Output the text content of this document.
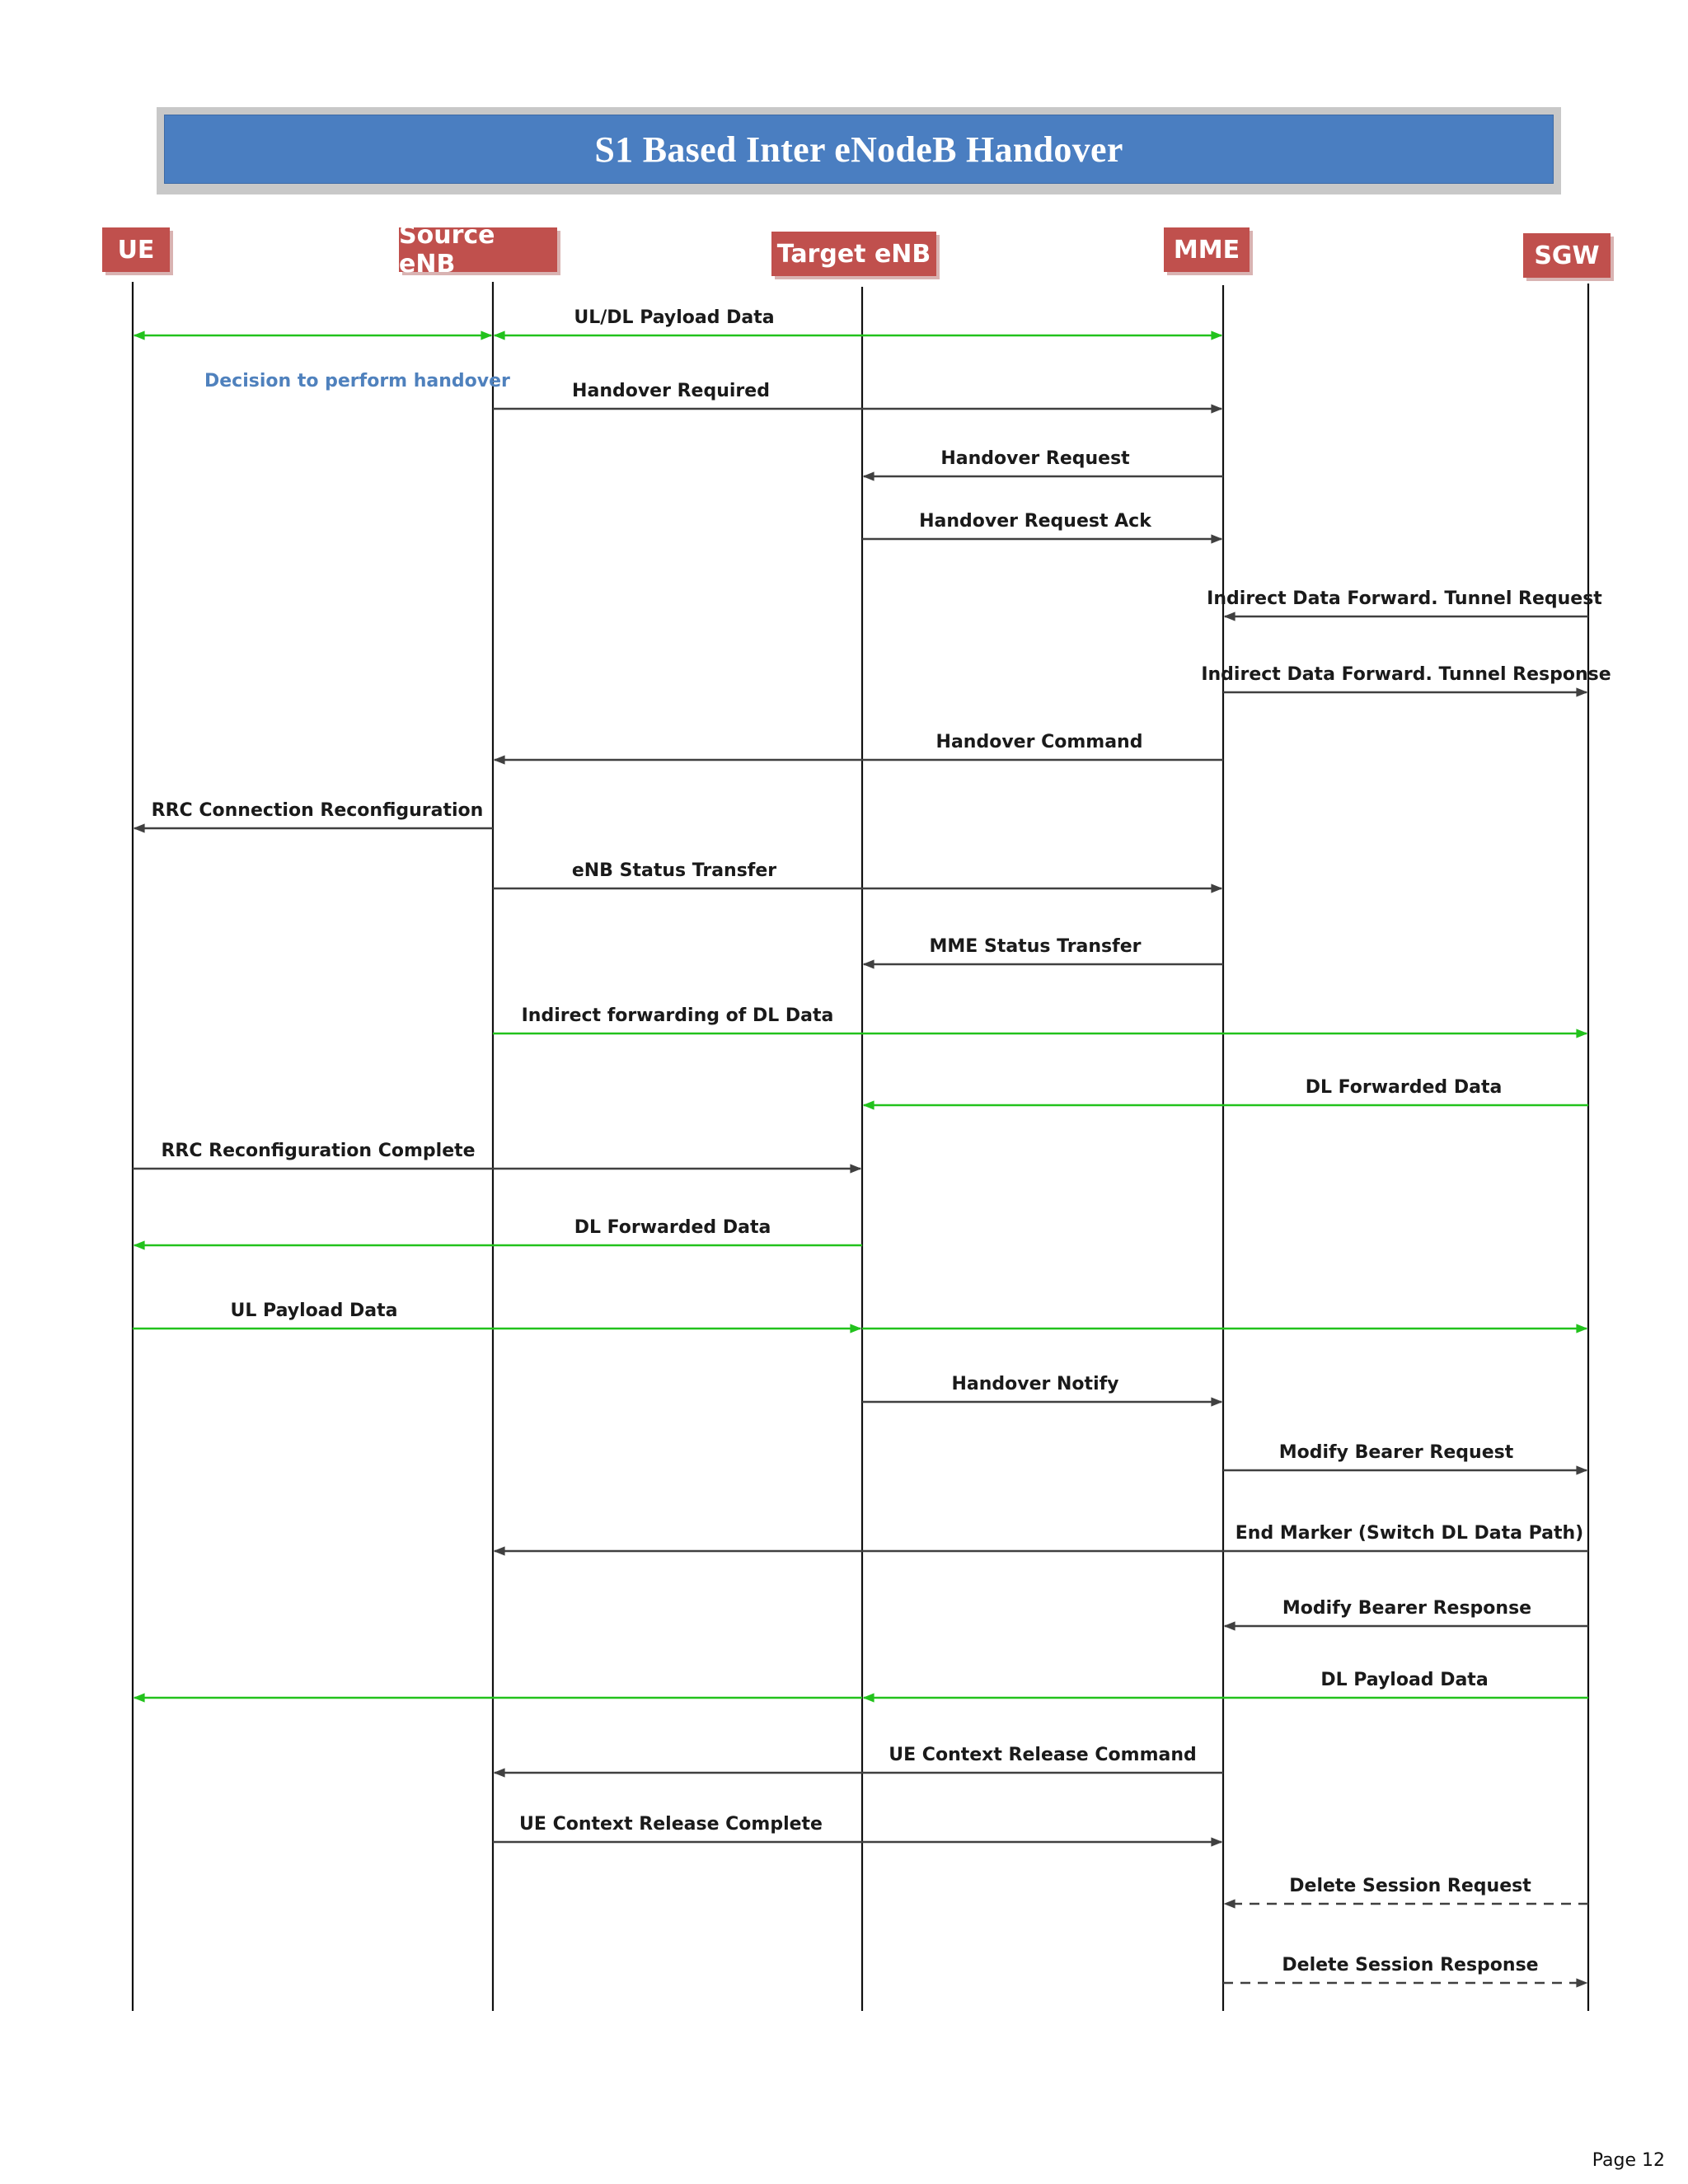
S1 Based Inter eNodeB Handover
UE	Source eNB	Target eNB	MME	SGW
UL/DL Payload Data
Handover Required
Handover Request
Handover Request Ack
Indirect Data Forward. Tunnel Request
Indirect Data Forward. Tunnel Response
Handover Command
RRC Connection Reconfiguration
eNB Status Transfer
MME Status Transfer
Indirect forwarding of DL Data
DL Forwarded Data
RRC Reconfiguration Complete
DL Forwarded Data
UL Payload Data
Handover Notify
Modify Bearer Request
End Marker (Switch DL Data Path)
Modify Bearer Response
DL Payload Data
UE Context Release Command
UE Context Release Complete
Delete Session Request
Delete Session Response
Decision to perform handover
Page 12
